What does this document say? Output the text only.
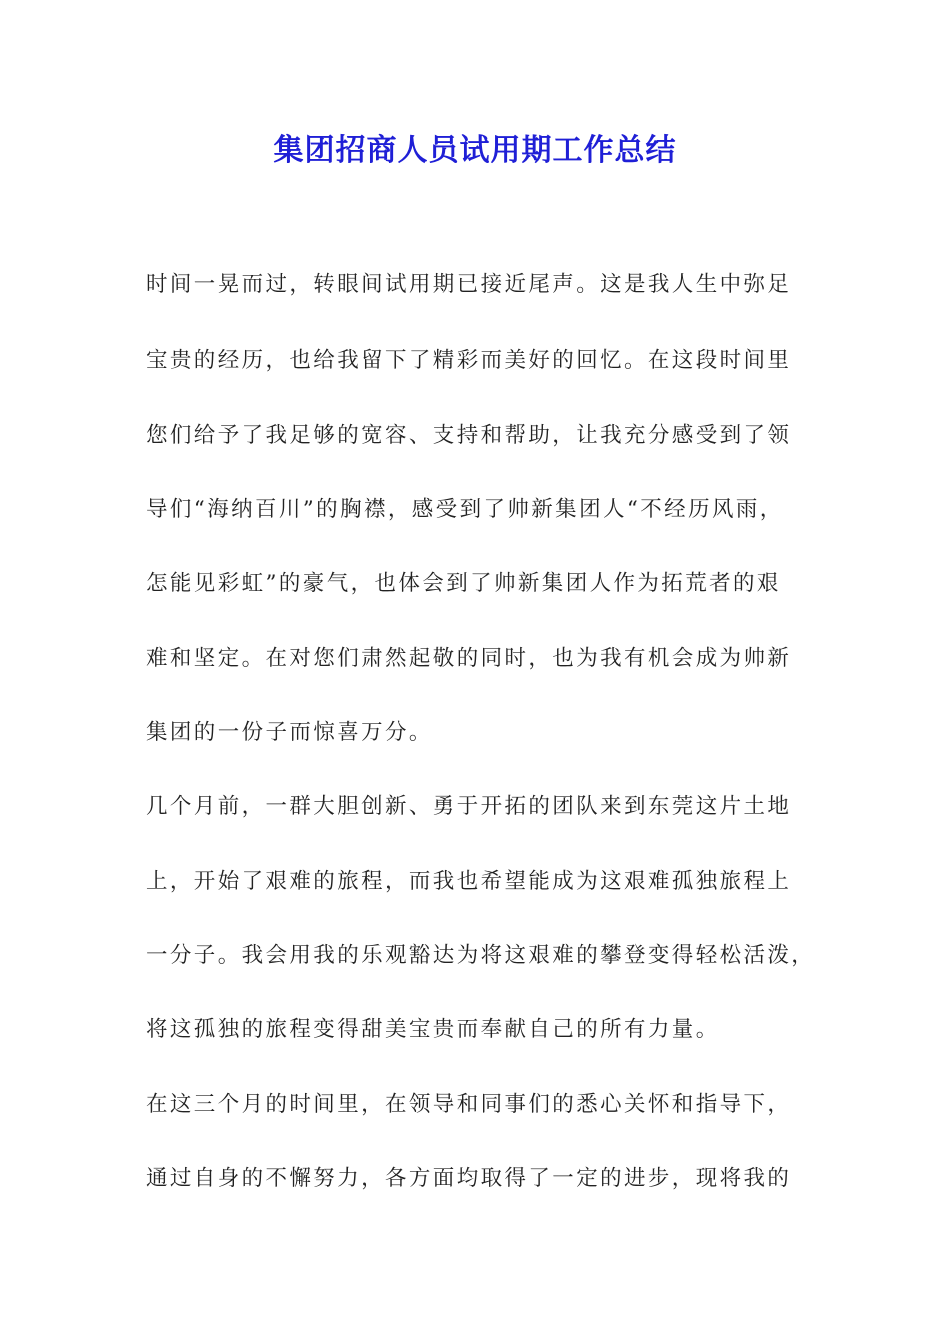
集团招商人员试用期工作总结
时间一晃而过，转眼间试用期已接近尾声。这是我人生中弥足
宝贵的经历，也给我留下了精彩而美好的回忆。在这段时间里
您们给予了我足够的宽容、支持和帮助，让我充分感受到了领
导们“海纳百川”的胸襟，感受到了帅新集团人“不经历风雨，
怎能见彩虹”的豪气，也体会到了帅新集团人作为拓荒者的艰
难和坚定。在对您们肃然起敬的同时，也为我有机会成为帅新
集团的一份子而惊喜万分。
几个月前，一群大胆创新、勇于开拓的团队来到东莞这片土地
上，开始了艰难的旅程，而我也希望能成为这艰难孤独旅程上
一分子。我会用我的乐观豁达为将这艰难的攀登变得轻松活泼，
将这孤独的旅程变得甜美宝贵而奉献自己的所有力量。
在这三个月的时间里，在领导和同事们的悉心关怀和指导下，
通过自身的不懈努力，各方面均取得了一定的进步，现将我的
